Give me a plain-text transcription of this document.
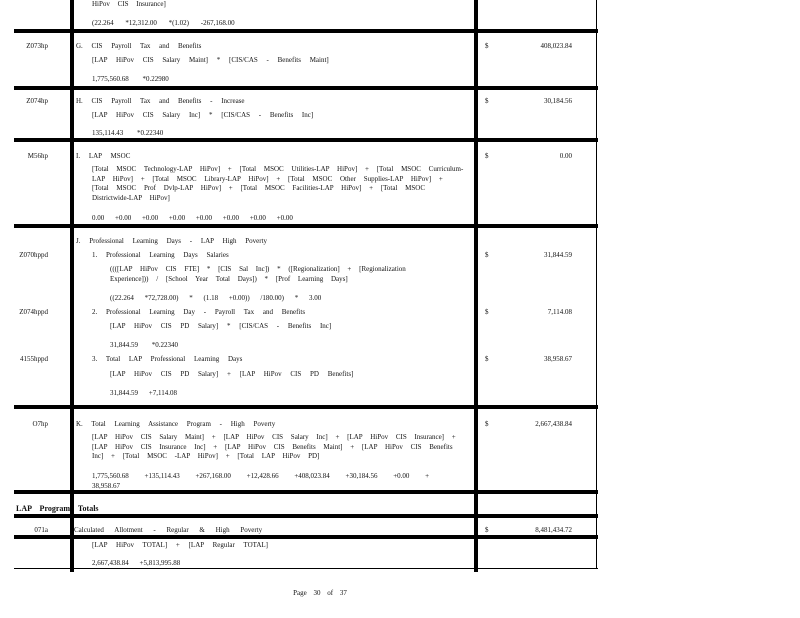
HiPov CIS Insurance]
(22.264 *12,312.00 *(1.02) -267,168.00
Z073hp	G. CIS Payroll Tax and Benefits	$	408,023.84
[LAP HiPov CIS Salary Maint] * [CIS/CAS - Benefits Maint]
1,775,560.68 *0.22980
Z074hp	H. CIS Payroll Tax and Benefits - Increase	$	30,184.56
[LAP HiPov CIS Salary Inc] * [CIS/CAS - Benefits Inc]
135,114.43 *0.22340
M56hp	I. LAP MSOC	$	0.00
[Total MSOC Technology-LAP HiPov] + [Total MSOC Utilities-LAP HiPov] + [Total MSOC Curriculum-LAP HiPov] + [Total MSOC Library-LAP HiPov] + [Total MSOC Other Supplies-LAP HiPov] + [Total MSOC Prof Dvlp-LAP HiPov] + [Total MSOC Facilities-LAP HiPov] + [Total MSOC Districtwide-LAP HiPov]
0.00 +0.00 +0.00 +0.00 +0.00 +0.00 +0.00 +0.00
J. Professional Learning Days - LAP High Poverty
Z070hppd	1. Professional Learning Days Salaries	$	31,844.59
((([LAP HiPov CIS FTE] * [CIS Sal Inc]) * ([Regionalization] + [Regionalization Experience])) / [School Year Total Days]) * [Prof Learning Days]
((22.264 *72,728.00) * (1.18 +0.00)) /180.00) * 3.00
Z074hppd	2. Professional Learning Day - Payroll Tax and Benefits	$	7,114.08
[LAP HiPov CIS PD Salary] * [CIS/CAS - Benefits Inc]
31,844.59 *0.22340
4155hppd	3. Total LAP Professional Learning Days	$	38,958.67
[LAP HiPov CIS PD Salary] + [LAP HiPov CIS PD Benefits]
31,844.59 +7,114.08
O7hp	K. Total Learning Assistance Program - High Poverty	$	2,667,438.84
[LAP HiPov CIS Salary Maint] + [LAP HiPov CIS Salary Inc] + [LAP HiPov CIS Insurance] + [LAP HiPov CIS Insurance Inc] + [LAP HiPov CIS Benefits Maint] + [LAP HiPov CIS Benefits Inc] + [Total MSOC -LAP HiPov] + [Total LAP HiPov PD]
1,775,560.68 +135,114.43 +267,168.00 +12,428.66 +408,023.84 +30,184.56 +0.00 + 38,958.67
LAP Program Totals
071a	Calculated Allotment - Regular & High Poverty	$	8,481,434.72
[LAP HiPov TOTAL] + [LAP Regular TOTAL]
2,667,438.84 +5,813,995.88
Page 30 of 37
